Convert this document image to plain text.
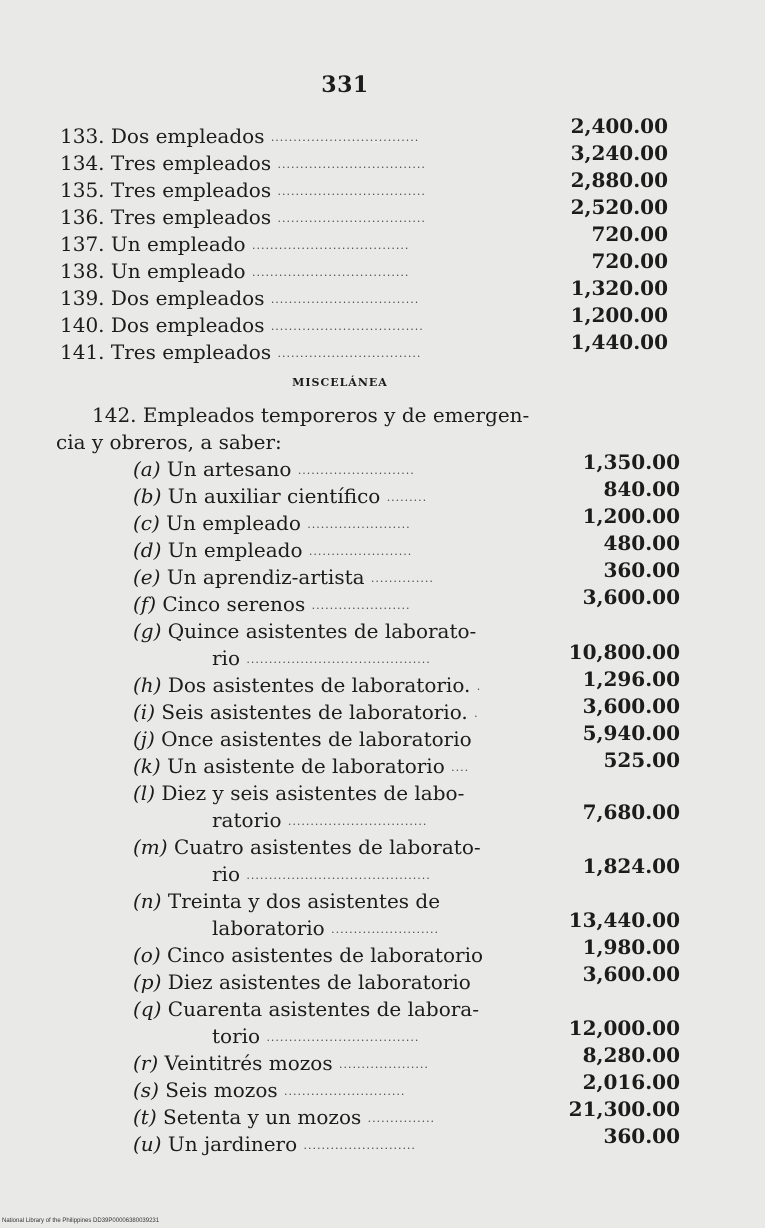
331
133. Dos empleados .................................	2,400.00
134. Tres empleados .................................	3,240.00
135. Tres empleados .................................	2,880.00
136. Tres empleados .................................	2,520.00
137. Un empleado ...................................	720.00
138. Un empleado ...................................	720.00
139. Dos empleados .................................	1,320.00
140. Dos empleados ..................................	1,200.00
141. Tres empleados ................................	1,440.00
MISCELÁNEA
142. Empleados temporeros y de emergen-
cia y obreros, a saber:
(a) Un artesano ..........................	1,350.00
(b) Un auxiliar científico .........	840.00
(c) Un empleado .......................	1,200.00
(d) Un empleado .......................	480.00
(e) Un aprendiz-artista ..............	360.00
(f) Cinco serenos ......................	3,600.00
(g) Quince asistentes de laborato-
rio .........................................	10,800.00
(h) Dos asistentes de laboratorio. .	1,296.00
(i) Seis asistentes de laboratorio. .	3,600.00
(j) Once asistentes de laboratorio	5,940.00
(k) Un asistente de laboratorio ....	525.00
(l) Diez y seis asistentes de labo-
ratorio ...............................	7,680.00
(m) Cuatro asistentes de laborato-
rio .........................................	1,824.00
(n) Treinta y dos asistentes de
laboratorio ........................	13,440.00
(o) Cinco asistentes de laboratorio	1,980.00
(p) Diez asistentes de laboratorio	3,600.00
(q) Cuarenta asistentes de labora-
torio ..................................	12,000.00
(r) Veintitrés mozos ....................	8,280.00
(s) Seis mozos ...........................	2,016.00
(t) Setenta y un mozos ...............	21,300.00
(u) Un jardinero .........................	360.00
National Library of the Philippines DD39P00006380039231
